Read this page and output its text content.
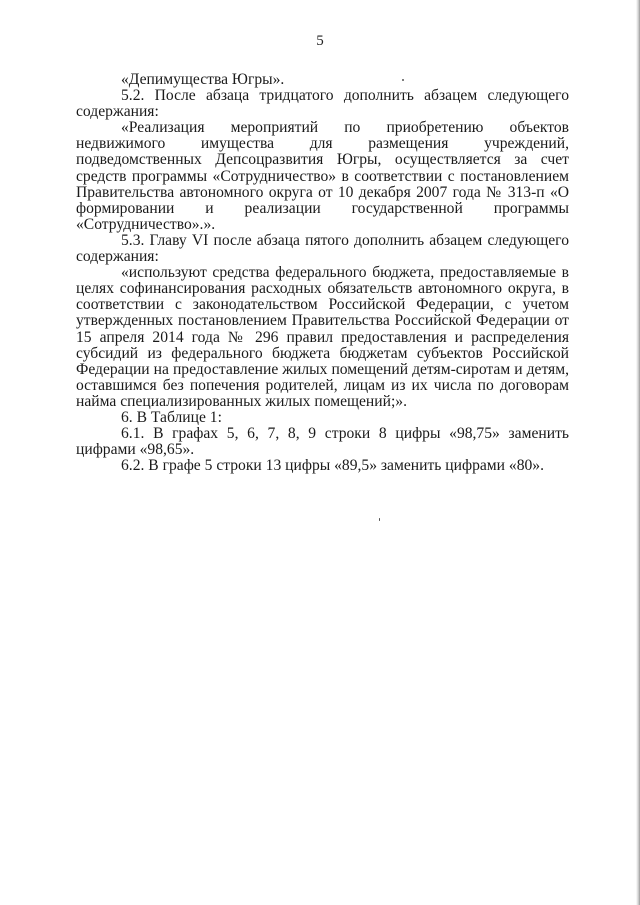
5

«Депимущества Югры».

5.2. После абзаца тридцатого дополнить абзацем следующего содержания:

«Реализация мероприятий по приобретению объектов недвижимого имущества для размещения учреждений, подведомственных Депсоцразвития Югры, осуществляется за счет средств программы «Сотрудничество» в соответствии с постановлением Правительства автономного округа от 10 декабря 2007 года № 313-п «О формировании и реализации государственной программы «Сотрудничество».».

5.3. Главу VI после абзаца пятого дополнить абзацем следующего содержания:

«используют средства федерального бюджета, предоставляемые в целях софинансирования расходных обязательств автономного округа, в соответствии с законодательством Российской Федерации, с учетом утвержденных постановлением Правительства Российской Федерации от 15 апреля 2014 года № 296 правил предоставления и распределения субсидий из федерального бюджета бюджетам субъектов Российской Федерации на предоставление жилых помещений детям-сиротам и детям, оставшимся без попечения родителей, лицам из их числа по договорам найма специализированных жилых помещений;».

6. В Таблице 1:

6.1. В графах 5, 6, 7, 8, 9 строки 8 цифры «98,75» заменить цифрами «98,65».

6.2. В графе 5 строки 13 цифры «89,5» заменить цифрами «80».
